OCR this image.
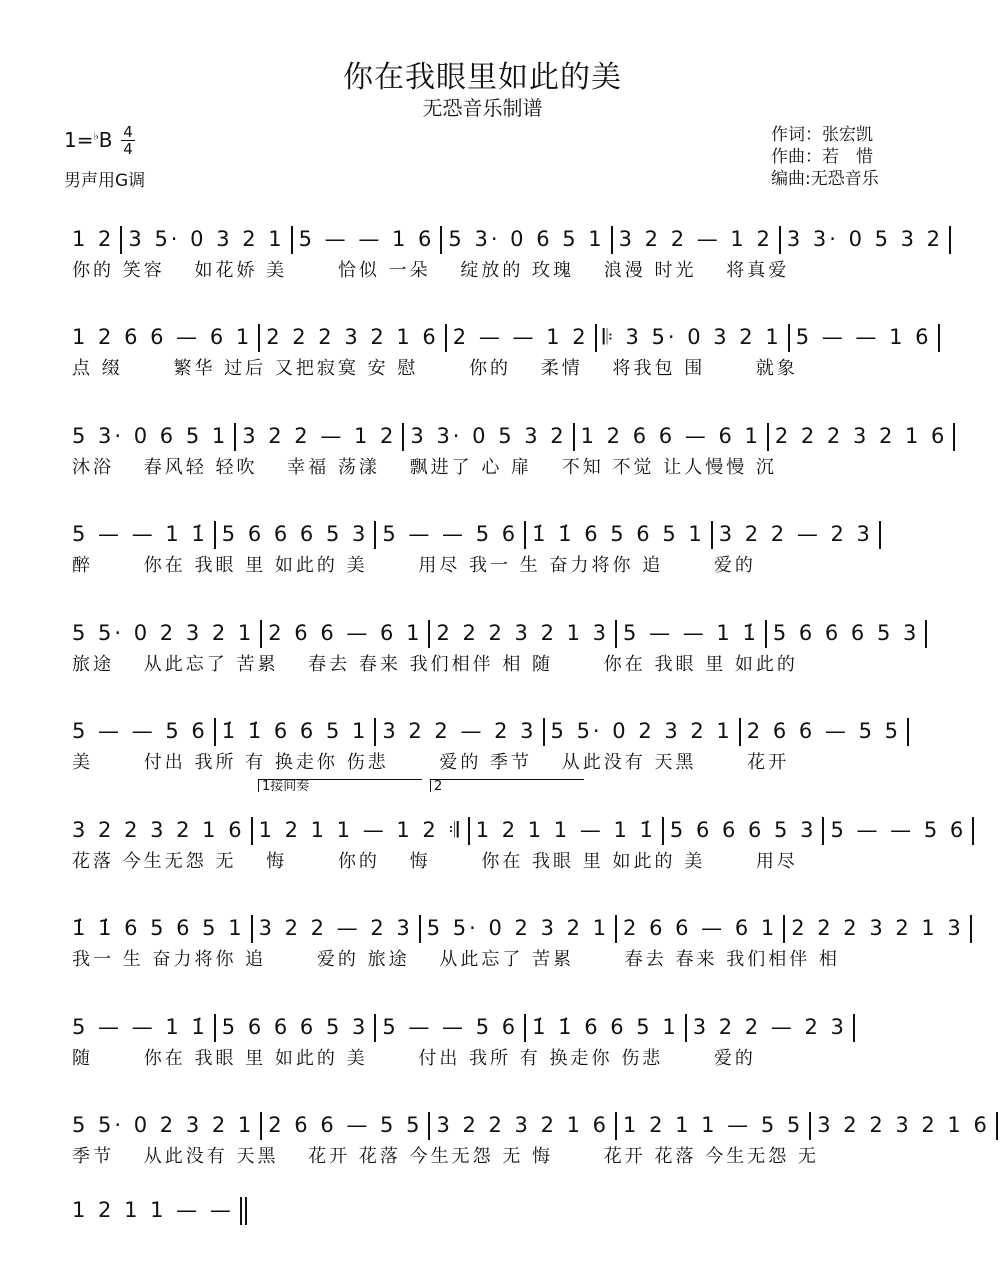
你在我眼里如此的美
无恐音乐制谱
1=♭B 4
4
男声用G调
作词：张宏凯
作曲：若　惜
编曲:无恐音乐
1 2 3 5· 0 3 2 1 5 — — 1 6 5 3· 0 6 5 1 3 2 2 — 1 2 3 3· 0 5 3 2
你的 笑容　 如花娇 美　　 恰似 一朵　 绽放的 玫瑰　 浪漫 时光　 将真爱
1 2 6 6 — 6 1 2 2 2 3 2 1 6 2 — — 1 2 𝄆 3 5· 0 3 2 1 5 — — 1 6
点 缀　　 繁华 过后 又把寂寞 安 慰　　 你的　 柔情　 将我包 围　　 就象
5 3· 0 6 5 1 3 2 2 — 1 2 3 3· 0 5 3 2 1 2 6 6 — 6 1 2 2 2 3 2 1 6
沐浴　 春风轻 轻吹　 幸福 荡漾　 飘进了 心 扉　 不知 不觉 让人慢慢 沉
5 — — 1 1̇ 5 6 6 6 5 3 5 — — 5 6 1̇ 1̇ 6 5 6 5 1 3 2 2 — 2 3
醉　　 你在 我眼 里 如此的 美　　 用尽 我一 生 奋力将你 追　　 爱的
5 5· 0 2 3 2 1 2 6 6 — 6 1 2 2 2 3 2 1 3 5 — — 1 1̇ 5 6 6 6 5 3
旅途　 从此忘了 苦累　 春去 春来 我们相伴 相 随　　 你在 我眼 里 如此的
5 — — 5 6 1̇ 1̇ 6 6 5 1 3 2 2 — 2 3 5 5· 0 2 3 2 1 2 6 6 — 5 5
美　　 付出 我所 有 换走你 伤悲　　 爱的 季节　 从此没有 天黑　　 花开
3 2 2 3 2 1 6 1 2 1 1 — 1 2 𝄇 1 2 1 1 — 1 1̇ 5 6 6 6 5 3 5 — — 5 6
花落 今生无怨 无　 悔　　 你的　 悔　　 你在 我眼 里 如此的 美　　 用尽
1接间奏	2
1̇ 1̇ 6 5 6 5 1 3 2 2 — 2 3 5 5· 0 2 3 2 1 2 6 6 — 6 1 2 2 2 3 2 1 3
我一 生 奋力将你 追　　 爱的 旅途　 从此忘了 苦累　　 春去 春来 我们相伴 相
5 — — 1 1̇ 5 6 6 6 5 3 5 — — 5 6 1̇ 1̇ 6 6 5 1 3 2 2 — 2 3
随　　 你在 我眼 里 如此的 美　　 付出 我所 有 换走你 伤悲　　 爱的
5 5· 0 2 3 2 1 2 6 6 — 5 5 3 2 2 3 2 1 6 1 2 1 1 — 5 5 3 2 2 3 2 1 6
季节　 从此没有 天黑　 花开 花落 今生无怨 无 悔　　 花开 花落 今生无怨 无
1 2 1 1 — —
